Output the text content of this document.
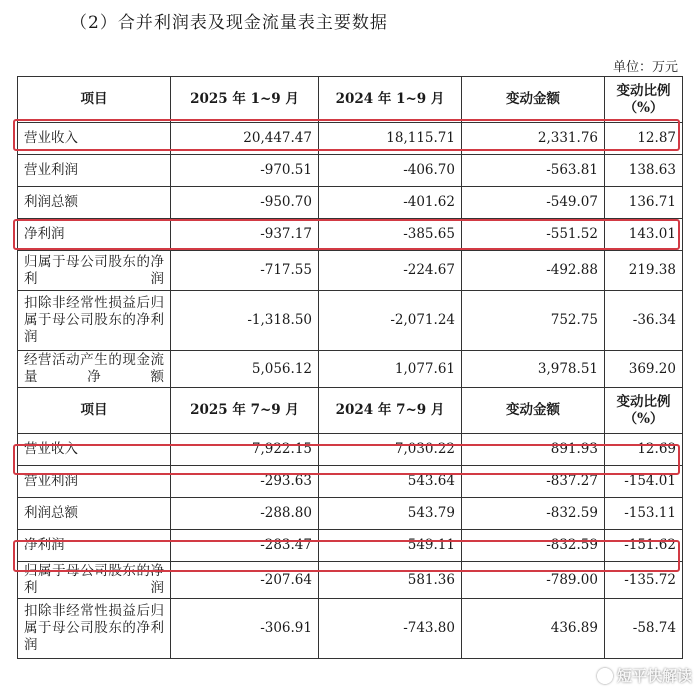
（2）合并利润表及现金流量表主要数据
单位：万元
项目	2025 年 1~9 月	2024 年 1~9 月	变动金额	变动比例（%）
营业收入	20,447.47	18,115.71	2,331.76	12.87
营业利润	-970.51	-406.70	-563.81	138.63
利润总额	-950.70	-401.62	-549.07	136.71
净利润	-937.17	-385.65	-551.52	143.01
归属于母公司股东的净利润	-717.55	-224.67	-492.88	219.38
扣除非经常性损益后归属于母公司股东的净利润	-1,318.50	-2,071.24	752.75	-36.34
经营活动产生的现金流量净额	5,056.12	1,077.61	3,978.51	369.20
项目	2025 年 7~9 月	2024 年 7~9 月	变动金额	变动比例（%）
营业收入	7,922.15	7,030.22	891.93	12.69
营业利润	-293.63	543.64	-837.27	-154.01
利润总额	-288.80	543.79	-832.59	-153.11
净利润	-283.47	549.11	-832.59	-151.62
归属于母公司股东的净利润	-207.64	581.36	-789.00	-135.72
扣除非经常性损益后归属于母公司股东的净利润	-306.91	-743.80	436.89	-58.74
短平快解读
